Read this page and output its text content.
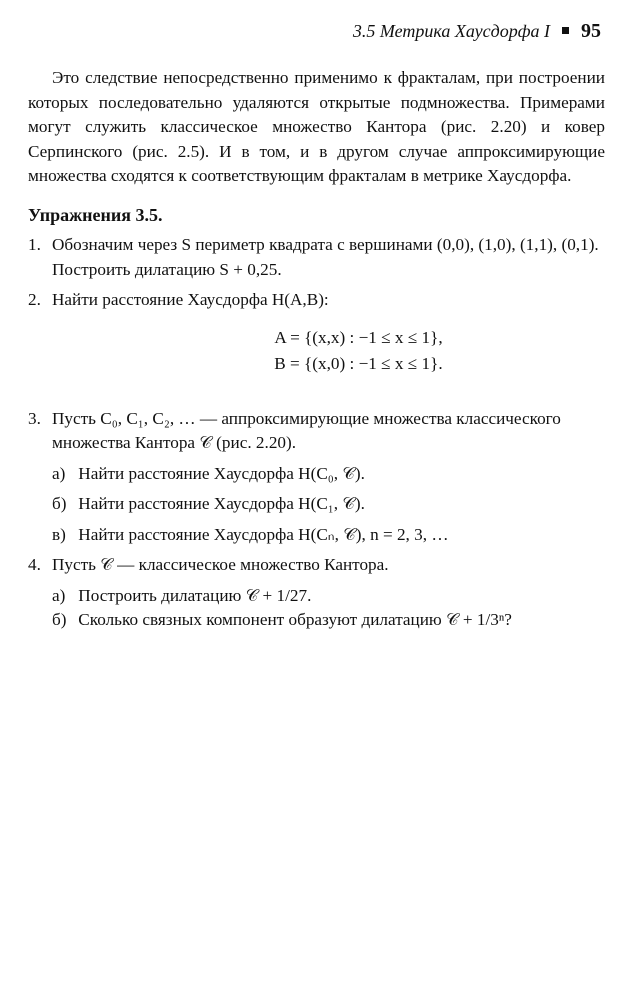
3.5 Метрика Хаусдорфа I 95

Это следствие непосредственно применимо к фракталам, при построении которых последовательно удаляются открытые подмножества. Примерами могут служить классическое множество Кантора (рис. 2.20) и ковер Серпинского (рис. 2.5). И в том, и в другом случае аппроксимирующие множества сходятся к соответствующим фракталам в метрике Хаусдорфа.

Упражнения 3.5.
1. Обозначим через S периметр квадрата с вершинами (0,0), (1,0), (1,1), (0,1). Построить дилатацию S + 0,25.
2. Найти расстояние Хаусдорфа H(A,B):
A = {(x,x) : −1 ≤ x ≤ 1},
B = {(x,0) : −1 ≤ x ≤ 1}.
3. Пусть C₀, C₁, C₂, … — аппроксимирующие множества классического множества Кантора 𝒞 (рис. 2.20).
а) Найти расстояние Хаусдорфа H(C₀, 𝒞).
б) Найти расстояние Хаусдорфа H(C₁, 𝒞).
в) Найти расстояние Хаусдорфа H(Cₙ, 𝒞), n = 2, 3, …
4. Пусть 𝒞 — классическое множество Кантора.
а) Построить дилатацию 𝒞 + 1/27.
б) Сколько связных компонент образуют дилатацию 𝒞 + 1/3ⁿ?
